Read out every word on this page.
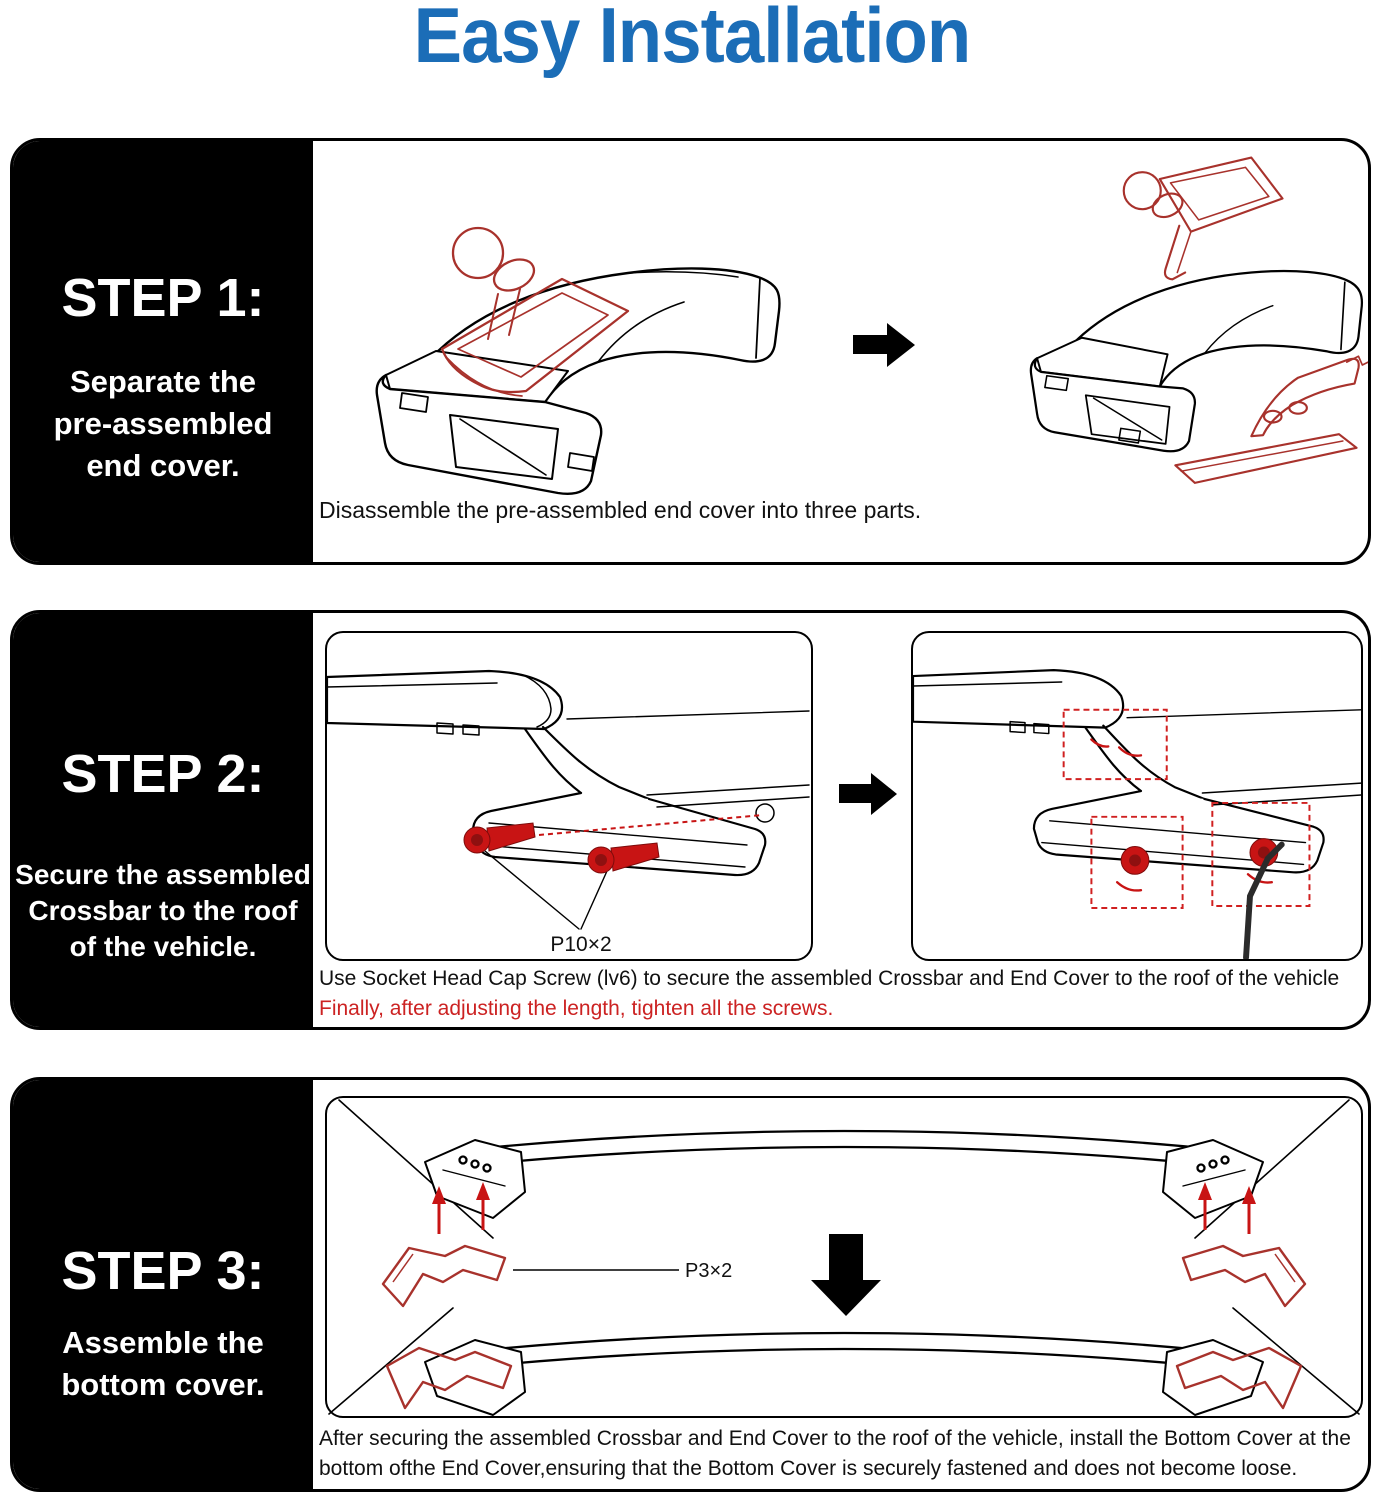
Easy Installation
STEP 1:
Separate the
pre-assembled
end cover.
Disassemble the pre-assembled end cover into three parts.
STEP 2:
Secure the assembled
Crossbar to the roof
of the vehicle.	P10×2
Use Socket Head Cap Screw (lv6) to secure the assembled Crossbar and End Cover to the roof of the vehicle
Finally, after adjusting the length, tighten all the screws.
STEP 3:
Assemble the
bottom cover.
P3×2
After securing the assembled Crossbar and End Cover to the roof of the vehicle, install the Bottom Cover at the bottom ofthe End Cover,ensuring that the Bottom Cover is securely fastened and does not become loose.
